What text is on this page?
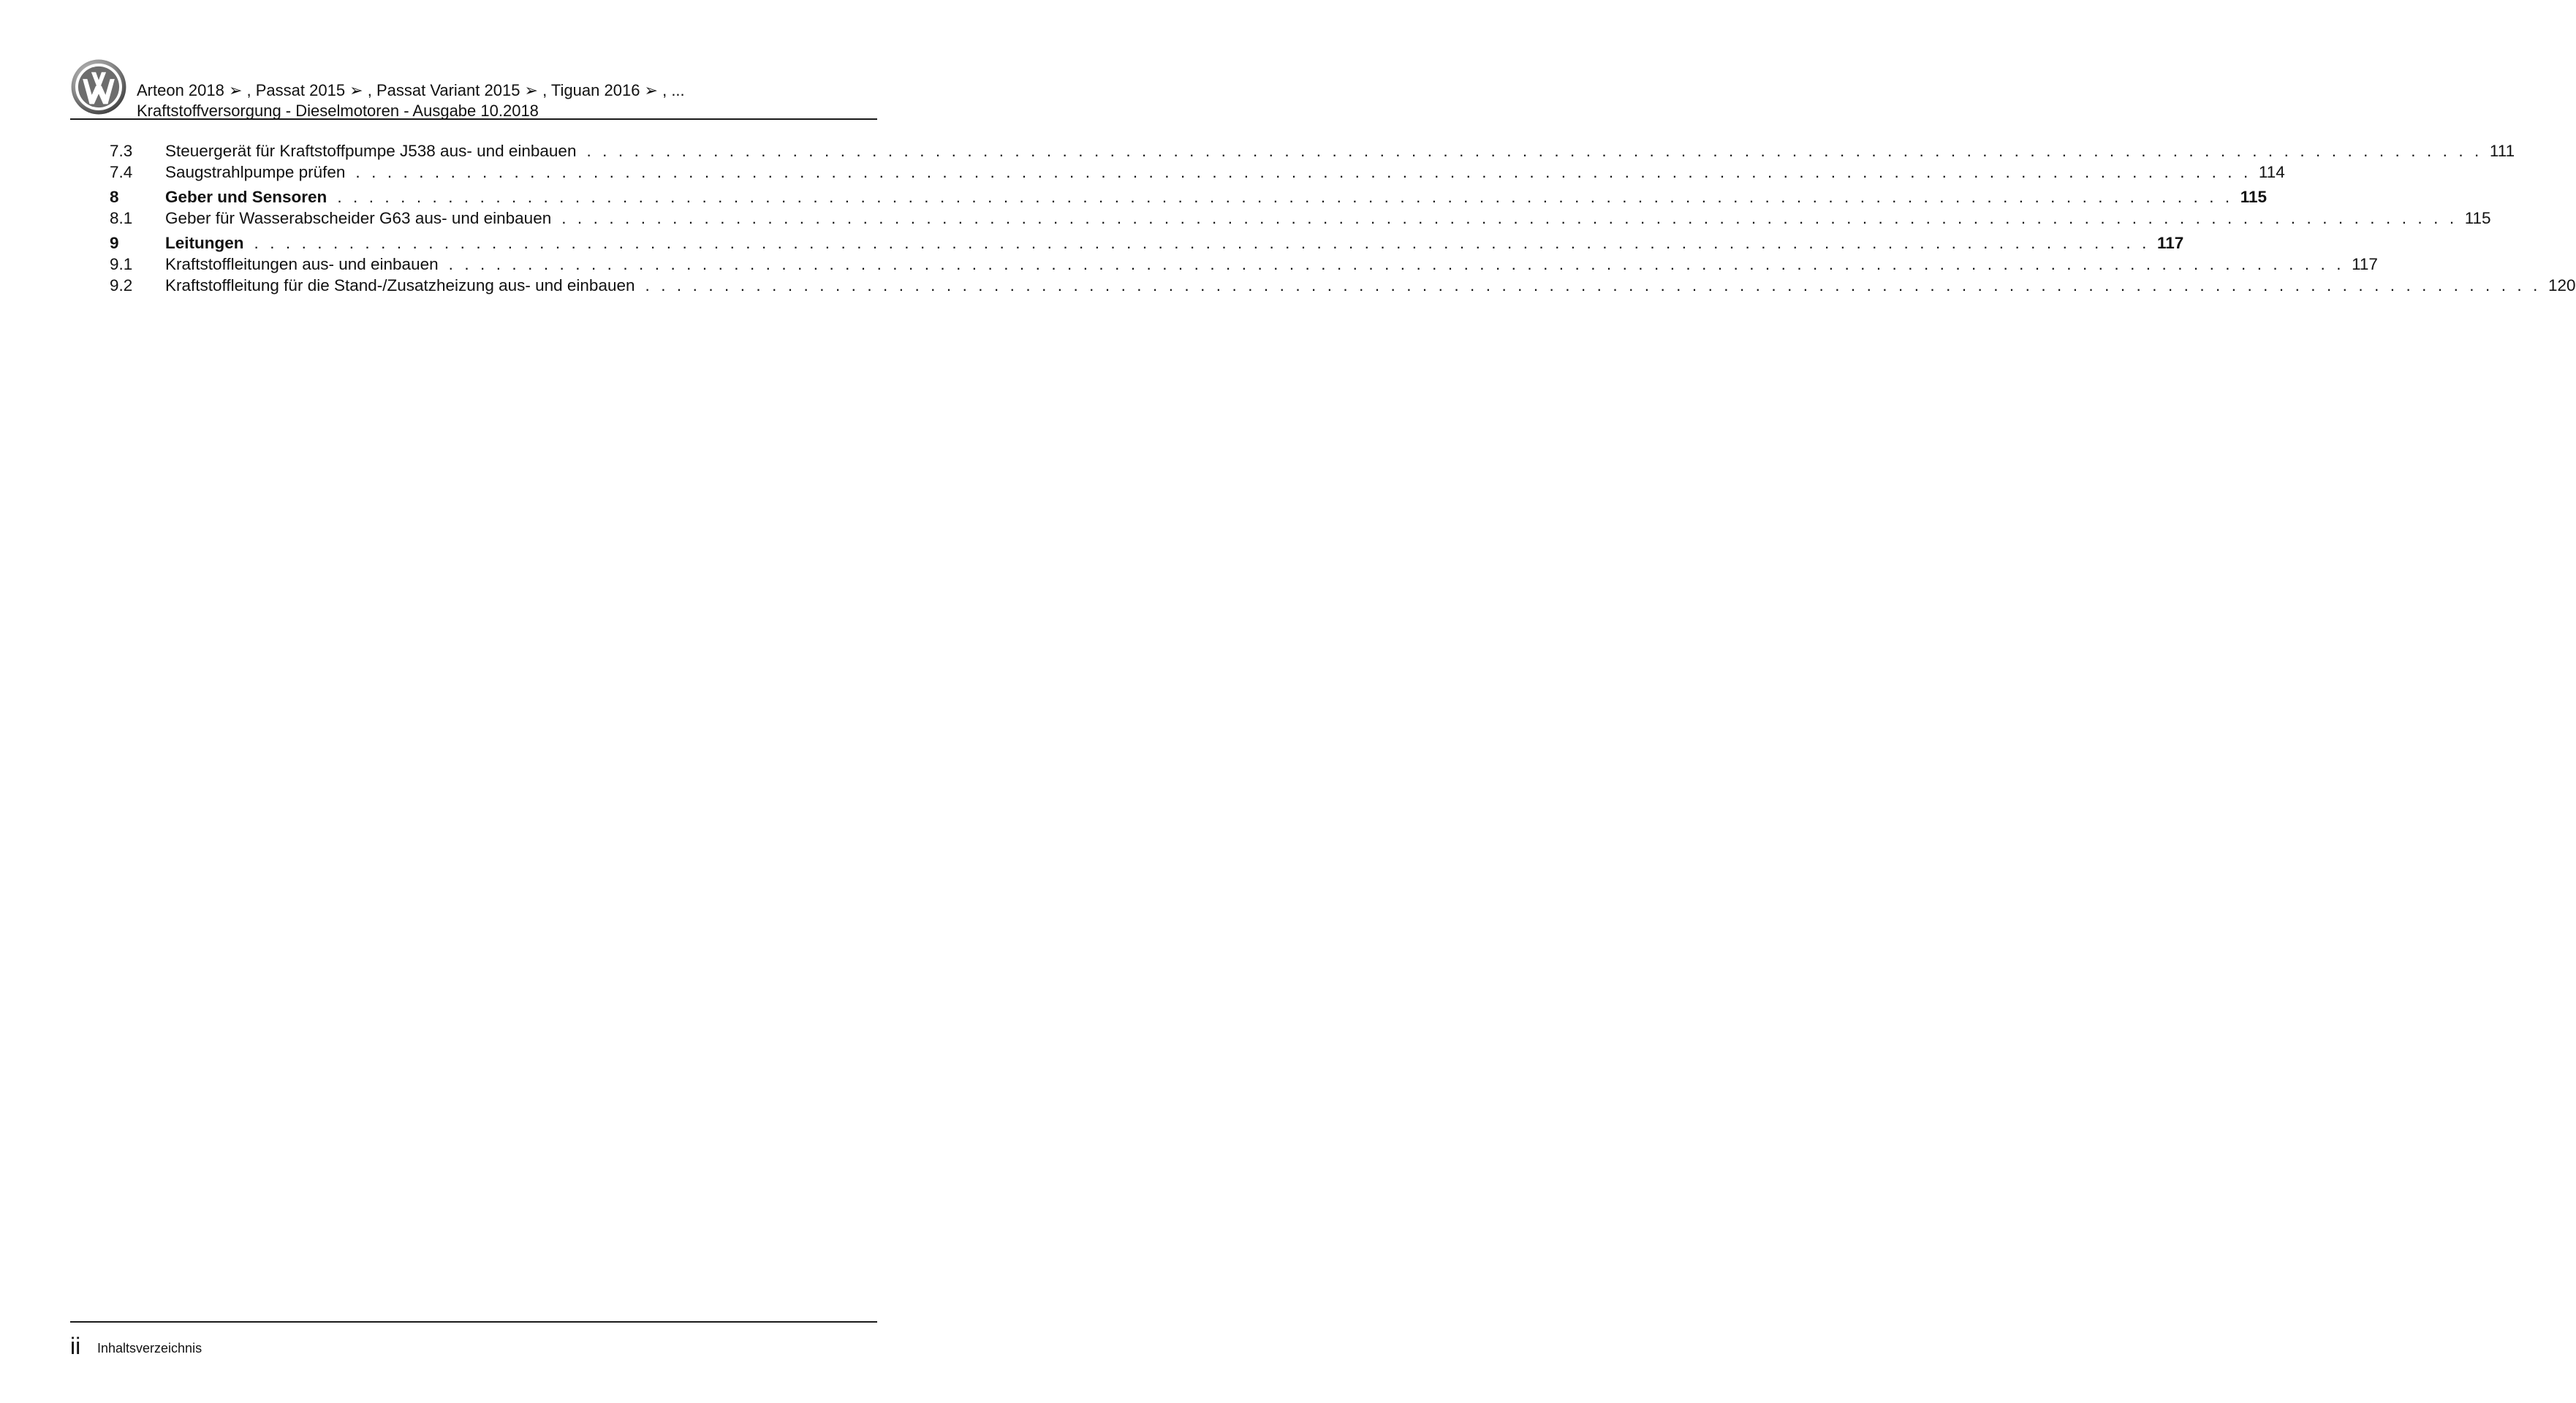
Arteon 2018 ➢ , Passat 2015 ➢ , Passat Variant 2015 ➢ , Tiguan 2016 ➢ , ...
Kraftstoffversorgung - Dieselmotoren - Ausgabe 10.2018
7.3 Steuergerät für Kraftstoffpumpe J538 aus- und einbauen . . . . . . . . . . . . . . . . . . . . . . . . . . . . . . . . . . . . . . . . . . . . . . . . . . . . . . . . . . . . . . . . . . . . . . . . . . . . . . . . . . . . . . . . . . . . . . . . . . . . . . . . . . . . . . . . . . . . . . . . 111
7.4 Saugstrahlpumpe prüfen . . . . . . . . . . . . . . . . . . . . . . . . . . . . . . . . . . . . . . . . . . . . . . . . . . . . . . . . . . . . . . . . . . . . . . . . . . . . . . . . . . . . . . . . . . . . . . . . . . . . . . . . . . . . . . . . . . . . . . . . 114
8	Geber und Sensoren . . . . . . . . . . . . . . . . . . . . . . . . . . . . . . . . . . . . . . . . . . . . . . . . . . . . . . . . . . . . . . . . . . . . . . . . . . . . . . . . . . . . . . . . . . . . . . . . . . . . . . . . . . . . . . . . . . . . . . . . 115
8.1 Geber für Wasserabscheider G63 aus- und einbauen . . . . . . . . . . . . . . . . . . . . . . . . . . . . . . . . . . . . . . . . . . . . . . . . . . . . . . . . . . . . . . . . . . . . . . . . . . . . . . . . . . . . . . . . . . . . . . . . . . . . . . . . . . . . . . . . . . . . . . . . 115
9	Leitungen . . . . . . . . . . . . . . . . . . . . . . . . . . . . . . . . . . . . . . . . . . . . . . . . . . . . . . . . . . . . . . . . . . . . . . . . . . . . . . . . . . . . . . . . . . . . . . . . . . . . . . . . . . . . . . . . . . . . . . . . 117
9.1 Kraftstoffleitungen aus- und einbauen . . . . . . . . . . . . . . . . . . . . . . . . . . . . . . . . . . . . . . . . . . . . . . . . . . . . . . . . . . . . . . . . . . . . . . . . . . . . . . . . . . . . . . . . . . . . . . . . . . . . . . . . . . . . . . . . . . . . . . . . 117
9.2 Kraftstoffleitung für die Stand-/Zusatzheizung aus- und einbauen . . . . . . . . . . . . . . . . . . . . . . . . . . . . . . . . . . . . . . . . . . . . . . . . . . . . . . . . . . . . . . . . . . . . . . . . . . . . . . . . . . . . . . . . . . . . . . . . . . . . . . . . . . . . . . . . . . . . . . . . 120
ii Inhaltsverzeichnis
